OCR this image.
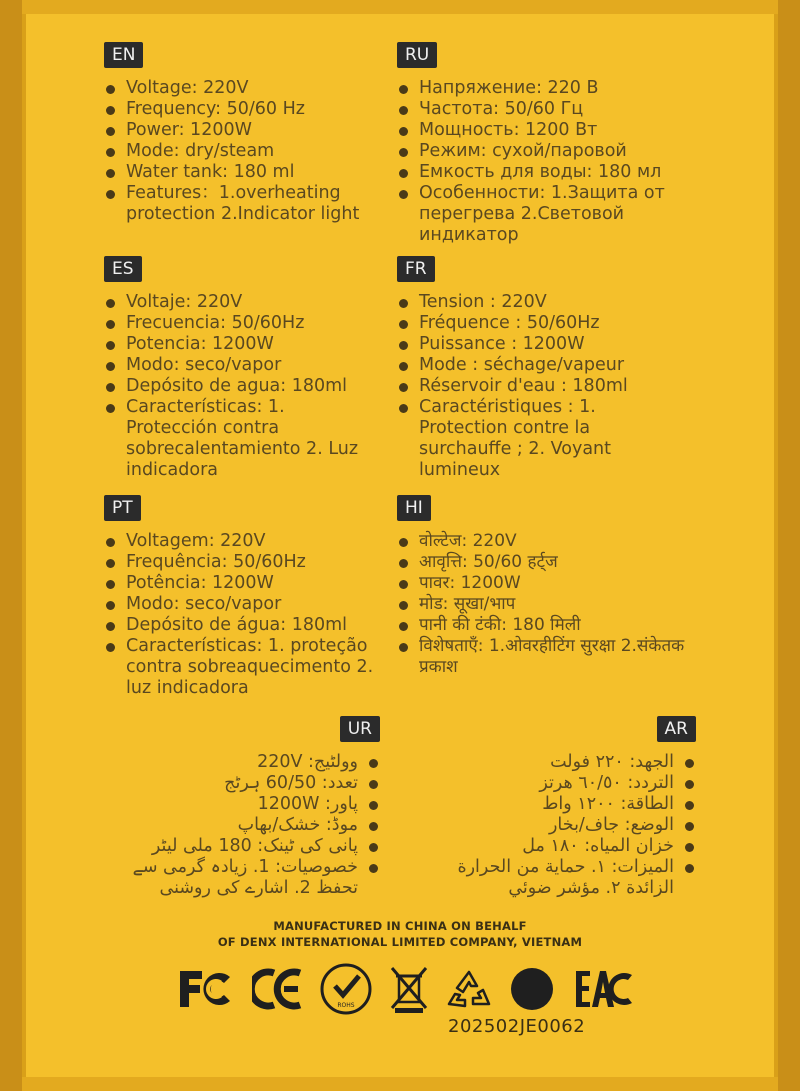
EN
Voltage: 220V
Frequency: 50/60 Hz
Power: 1200W
Mode: dry/steam
Water tank: 180 ml
Features：1.overheating protection 2.Indicator light
RU
Напряжение: 220 В
Частота: 50/60 Гц
Мощность: 1200 Вт
Режим: сухой/паровой
Емкость для воды: 180 мл
Особенности: 1.Защита от перегрева 2.Световой индикатор
ES
Voltaje: 220V
Frecuencia: 50/60Hz
Potencia: 1200W
Modo: seco/vapor
Depósito de agua: 180ml
Características: 1. Protección contra sobrecalentamiento 2. Luz indicadora
FR
Tension : 220V
Fréquence : 50/60Hz
Puissance : 1200W
Mode : séchage/vapeur
Réservoir d'eau : 180ml
Caractéristiques : 1. Protection contre la surchauffe ; 2. Voyant lumineux
PT
Voltagem: 220V
Frequência: 50/60Hz
Potência: 1200W
Modo: seco/vapor
Depósito de água: 180ml
Características: 1. proteção contra sobreaquecimento 2. luz indicadora
HI
वोल्टेज: 220V
आवृत्ति: 50/60 हर्ट्ज
पावर: 1200W
मोड: सूखा/भाप
पानी की टंकी: 180 मिली
विशेषताएँ: 1.ओवरहीटिंग सुरक्षा 2.संकेतक प्रकाश
UR
وولٹیج: 220V
تعدد: 60/50 ہرٹج
پاور: 1200W
موڈ: خشک/بھاپ
پانی کی ٹینک: 180 ملی لیٹر
خصوصیات: 1. زیادہ گرمی سے تحفظ 2. اشارے کی روشنی
AR
الجهد: ٢٢٠ فولت
التردد: ٦٠/٥٠ هرتز
الطاقة: ١٢٠٠ واط
الوضع: جاف/بخار
خزان المياه: ١٨٠ مل
الميزات: ١. حماية من الحرارة الزائدة ٢. مؤشر ضوئي
MANUFACTURED IN CHINA ON BEHALF
OF DENX INTERNATIONAL LIMITED COMPANY, VIETNAM
ROHS
202502JE0062
